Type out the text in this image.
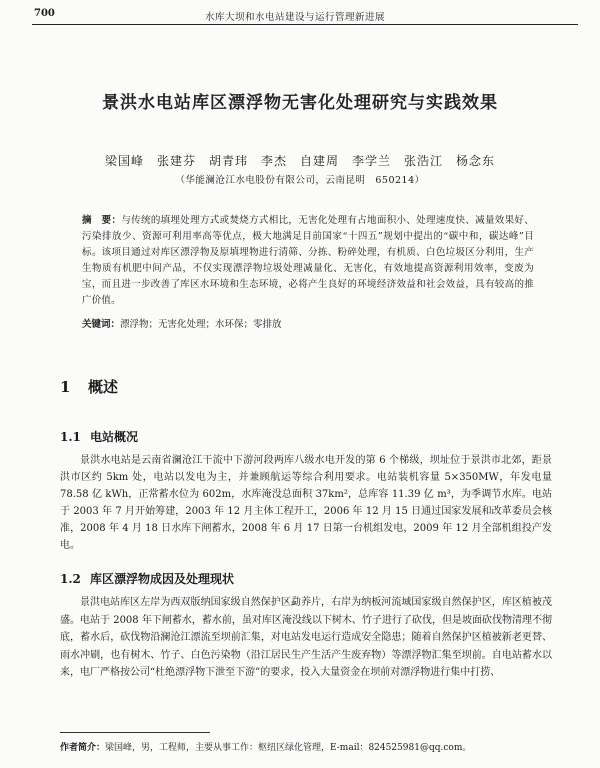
700	水库大坝和水电站建设与运行管理新进展
景洪水电站库区漂浮物无害化处理研究与实践效果
梁国峰　张建芬　胡青玮　李杰　自建周　李学兰　张浩江　杨念东
（华能澜沧江水电股份有限公司，云南昆明　650214）
摘　要：与传统的填埋处理方式或焚烧方式相比，无害化处理有占地面积小、处理速度快、减量效果好、污染排放少、资源可利用率高等优点，极大地满足目前国家“十四五”规划中提出的“碳中和，碳达峰”目标。该项目通过对库区漂浮物及原填埋物进行清筛、分拣、粉碎处理，有机质、白色垃圾区分利用，生产生物质有机肥中间产品，不仅实现漂浮物垃圾处理减量化、无害化，有效地提高资源利用效率，变废为宝，而且进一步改善了库区水环境和生态环境，必将产生良好的环境经济效益和社会效益，具有较高的推广价值。
关键词：漂浮物；无害化处理；水环保；零排放
1 概述
1.1 电站概况
景洪水电站是云南省澜沧江干流中下游河段两库八级水电开发的第 6 个梯级，坝址位于景洪市北郊，距景洪市区约 5km 处，电站以发电为主，并兼顾航运等综合利用要求。电站装机容量 5×350MW，年发电量 78.58 亿 kWh，正常蓄水位为 602m，水库淹没总面积 37km²，总库容 11.39 亿 m³，为季调节水库。电站于 2003 年 7 月开始筹建，2003 年 12 月主体工程开工，2006 年 12 月 15 日通过国家发展和改革委员会核准，2008 年 4 月 18 日水库下闸蓄水，2008 年 6 月 17 日第一台机组发电，2009 年 12 月全部机组投产发电。
1.2 库区漂浮物成因及处理现状
景洪电站库区左岸为西双版纳国家级自然保护区勐养片，右岸为纳板河流域国家级自然保护区，库区植被茂盛。电站于 2008 年下闸蓄水，蓄水前，虽对库区淹没线以下树木、竹子进行了砍伐，但是坡面砍伐物清理不彻底，蓄水后，砍伐物沿澜沧江漂流至坝前汇集，对电站发电运行造成安全隐患；随着自然保护区植被新老更替、雨水冲刷，也有树木、竹子、白色污染物（沿江居民生产生活产生废弃物）等漂浮物汇集至坝前。自电站蓄水以来，电厂严格按公司“杜绝漂浮物下泄至下游”的要求，投入大量资金在坝前对漂浮物进行集中打捞、
作者简介：梁国峰，男，工程师，主要从事工作：枢纽区绿化管理，E-mail：824525981@qq.com。
